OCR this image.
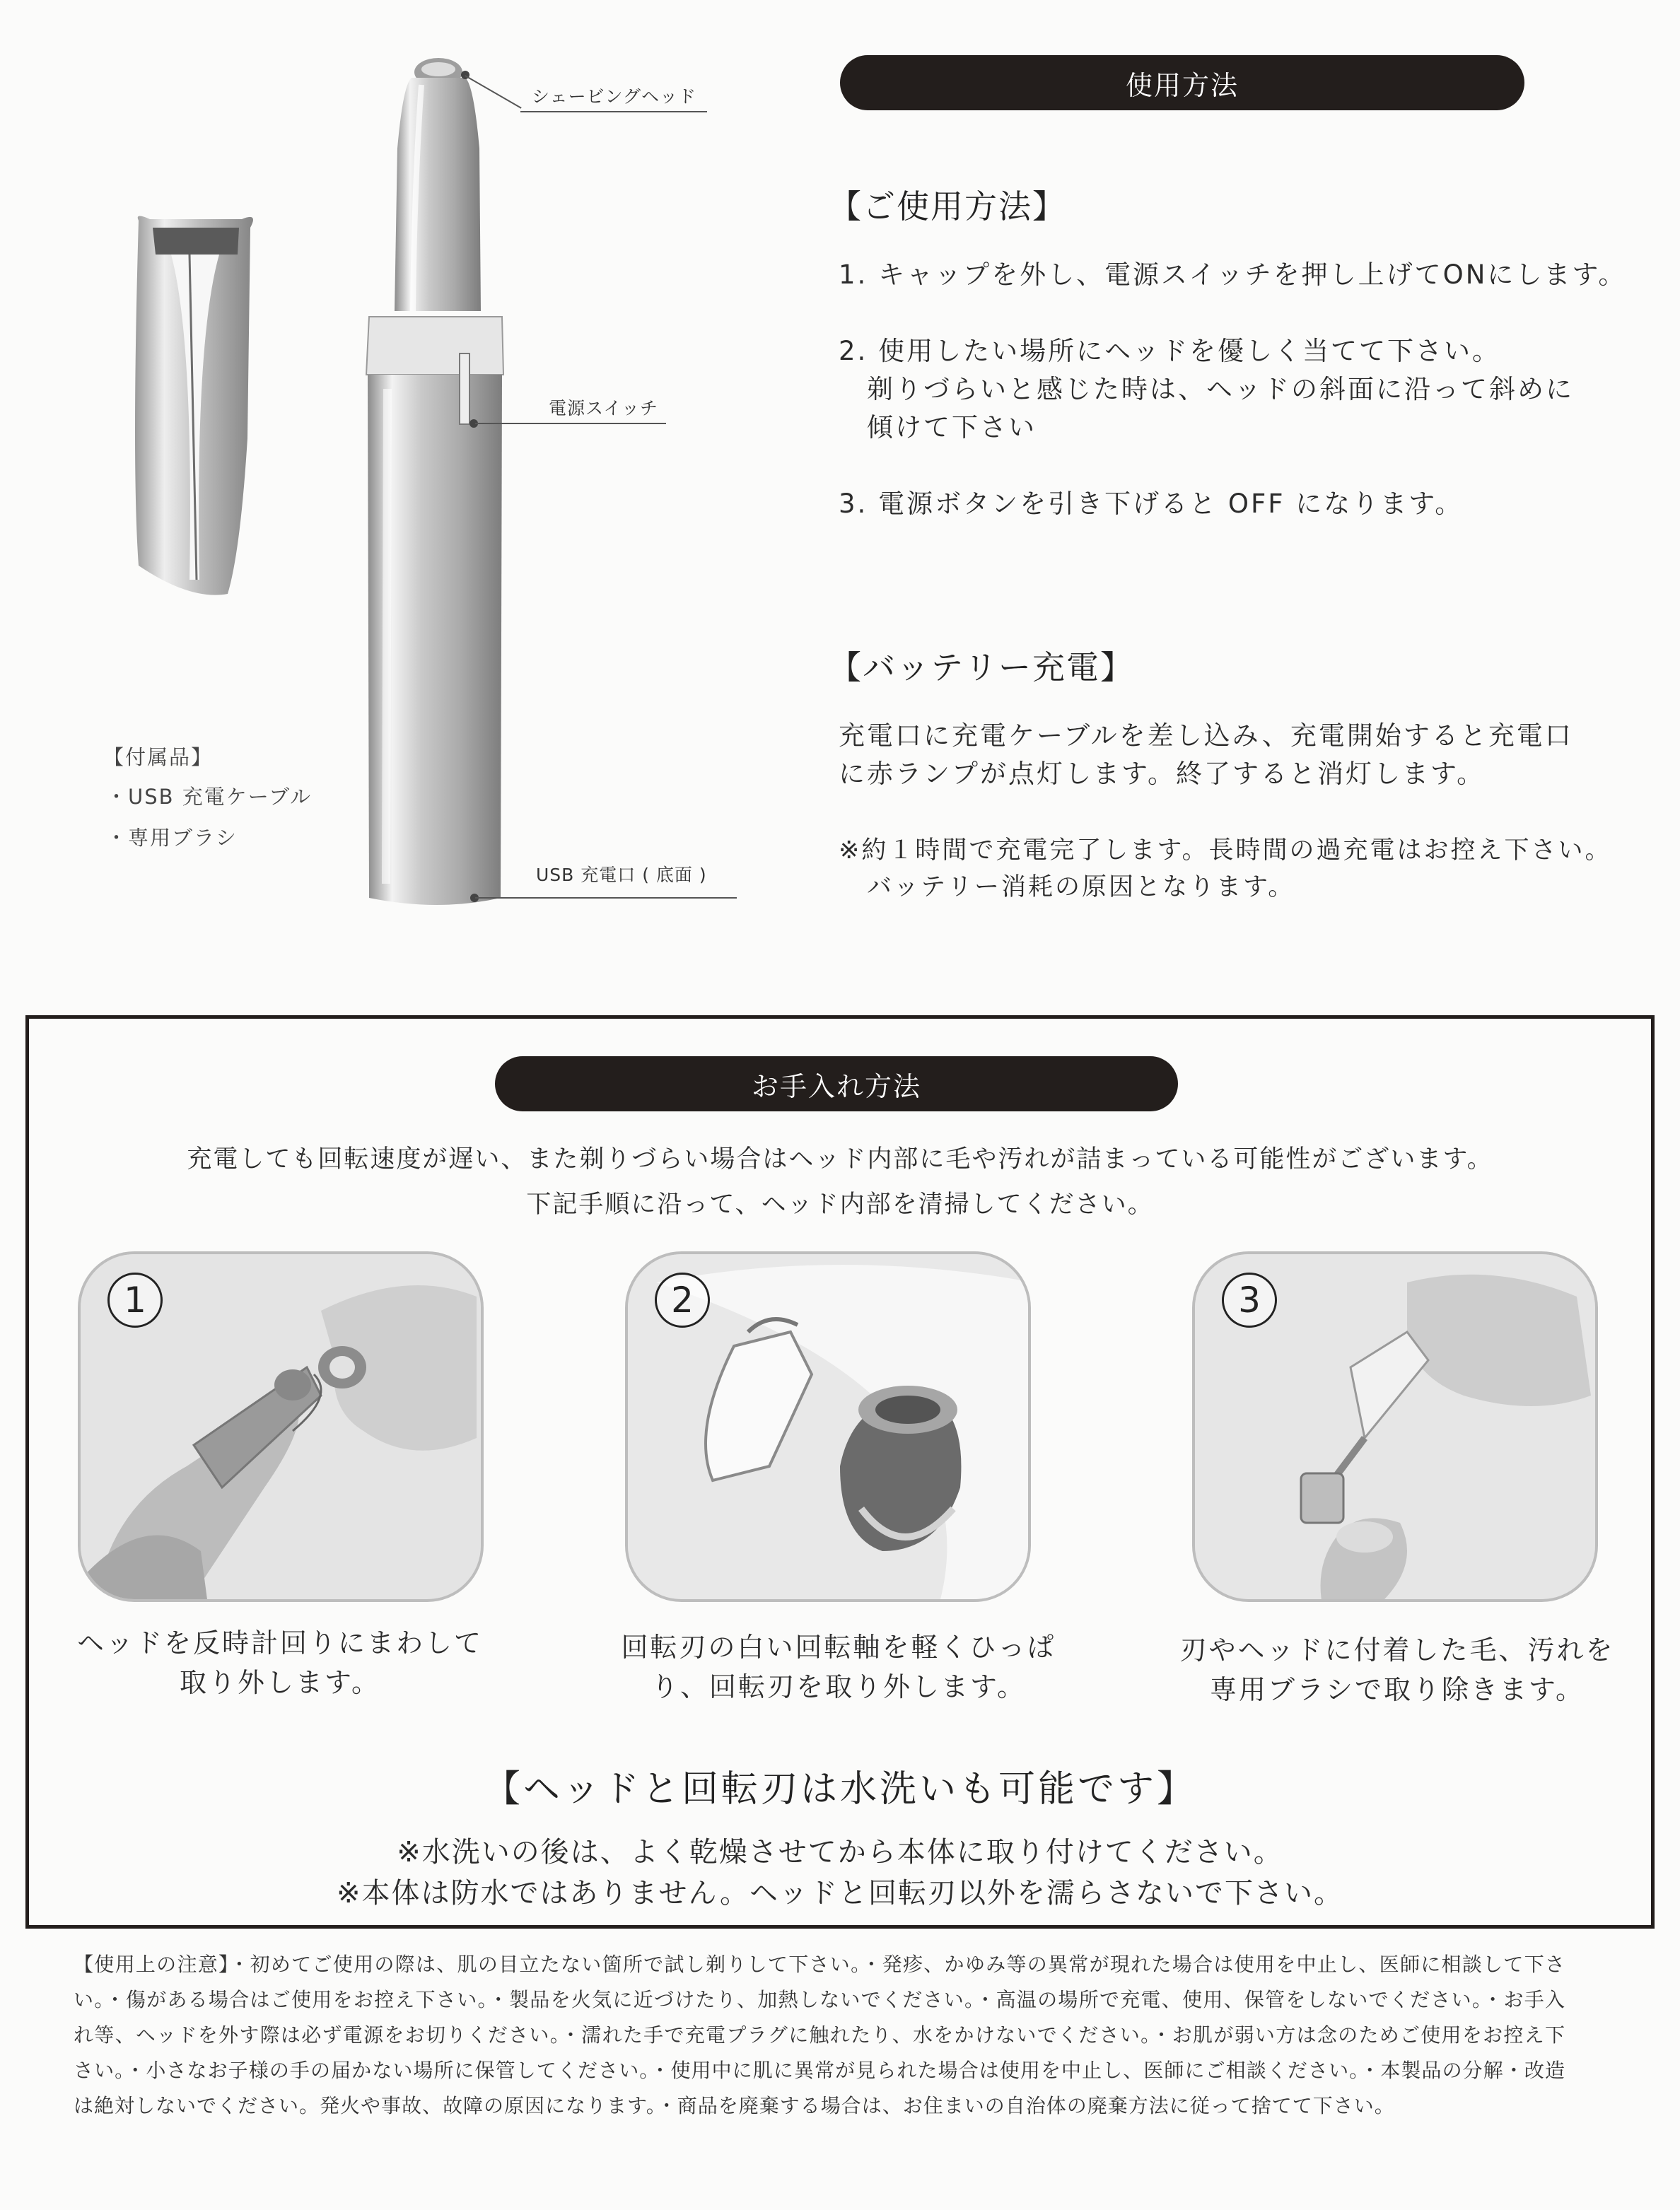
シェービングヘッド
電源スイッチ
USB 充電口 ( 底面 )
【付属品】
・USB 充電ケーブル
・専用ブラシ
使用方法
【ご使用方法】
1. キャップを外し、電源スイッチを押し上げてONにします。
2. 使用したい場所にヘッドを優しく当てて下さい。
剃りづらいと感じた時は、ヘッドの斜面に沿って斜めに
傾けて下さい
3. 電源ボタンを引き下げると OFF になります。
【バッテリー充電】
充電口に充電ケーブルを差し込み、充電開始すると充電口
に赤ランプが点灯します。終了すると消灯します。
※約１時間で充電完了します。長時間の過充電はお控え下さい。
バッテリー消耗の原因となります。
お手入れ方法
充電しても回転速度が遅い、また剃りづらい場合はヘッド内部に毛や汚れが詰まっている可能性がございます。
下記手順に沿って、ヘッド内部を清掃してください。
1	2	3
ヘッドを反時計回りにまわして
取り外します。
回転刃の白い回転軸を軽くひっぱ
り、回転刃を取り外します。
刃やヘッドに付着した毛、汚れを
専用ブラシで取り除きます。
【ヘッドと回転刃は水洗いも可能です】
※水洗いの後は、よく乾燥させてから本体に取り付けてください。
※本体は防水ではありません。ヘッドと回転刃以外を濡らさないで下さい。
【使用上の注意】・初めてご使用の際は、肌の目立たない箇所で試し剃りして下さい。・発疹、かゆみ等の異常が現れた場合は使用を中止し、医師に相談して下さい。・傷がある場合はご使用をお控え下さい。・製品を火気に近づけたり、加熱しないでください。・高温の場所で充電、使用、保管をしないでください。・お手入れ等、ヘッドを外す際は必ず電源をお切りください。・濡れた手で充電プラグに触れたり、水をかけないでください。・お肌が弱い方は念のためご使用をお控え下さい。・小さなお子様の手の届かない場所に保管してください。・使用中に肌に異常が見られた場合は使用を中止し、医師にご相談ください。・本製品の分解・改造は絶対しないでください。発火や事故、故障の原因になります。・商品を廃棄する場合は、お住まいの自治体の廃棄方法に従って捨てて下さい。
